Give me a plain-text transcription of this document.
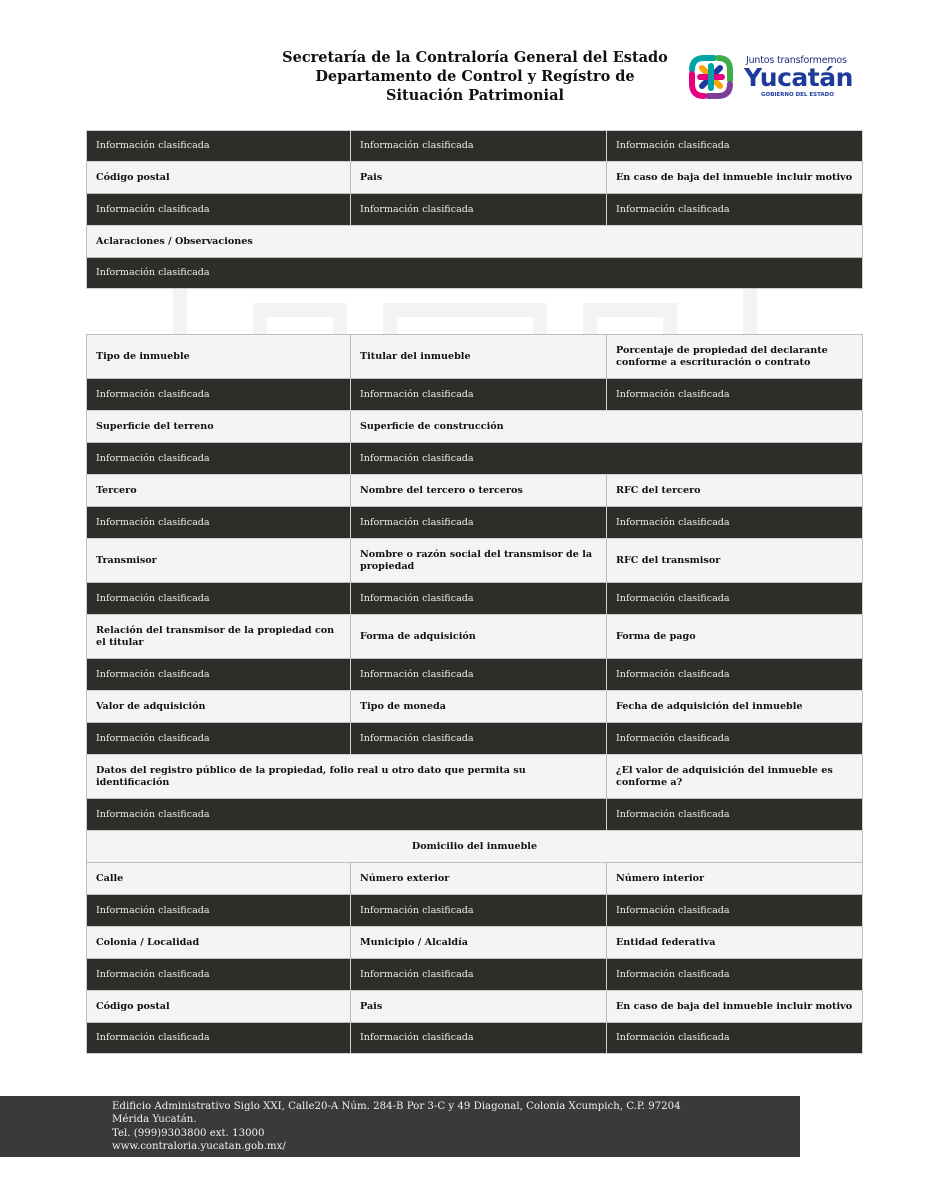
Secretaría de la Contraloría General del Estado
Departamento de Control y Regístro de
Situación Patrimonial
Juntos transformemos
Yucatán
GOBIERNO DEL ESTADO
Información clasificada	Información clasificada	Información clasificada
Código postal	Pais	En caso de baja del inmueble incluir motivo
Información clasificada	Información clasificada	Información clasificada
Aclaraciones / Observaciones		
Información clasificada		
Tipo de inmueble	Titular del inmueble	Porcentaje de propiedad del declarante conforme a escrituración o contrato
Información clasificada	Información clasificada	Información clasificada
Superficie del terreno	Superficie de construcción	
Información clasificada	Información clasificada	
Tercero	Nombre del tercero o terceros	RFC del tercero
Información clasificada	Información clasificada	Información clasificada
Transmisor	Nombre o razón social del transmisor de la propiedad	RFC del transmisor
Información clasificada	Información clasificada	Información clasificada
Relación del transmisor de la propiedad con el titular	Forma de adquisición	Forma de pago
Información clasificada	Información clasificada	Información clasificada
Valor de adquisición	Tipo de moneda	Fecha de adquisición del inmueble
Información clasificada	Información clasificada	Información clasificada
Datos del registro público de la propiedad, folio real u otro dato que permita su identificación		¿El valor de adquisición del inmueble es conforme a?
Información clasificada		Información clasificada
Domicilio del inmueble		
Calle	Número exterior	Número interior
Información clasificada	Información clasificada	Información clasificada
Colonia / Localidad	Municipio / Alcaldía	Entidad federativa
Información clasificada	Información clasificada	Información clasificada
Código postal	Pais	En caso de baja del inmueble incluir motivo
Información clasificada	Información clasificada	Información clasificada
Edificio Administrativo Siglo XXI, Calle20-A Núm. 284-B Por 3-C y 49 Diagonal, Colonia Xcumpich, C.P. 97204
Mérida Yucatán.
Tel. (999)9303800 ext. 13000
www.contraloria.yucatan.gob.mx/
